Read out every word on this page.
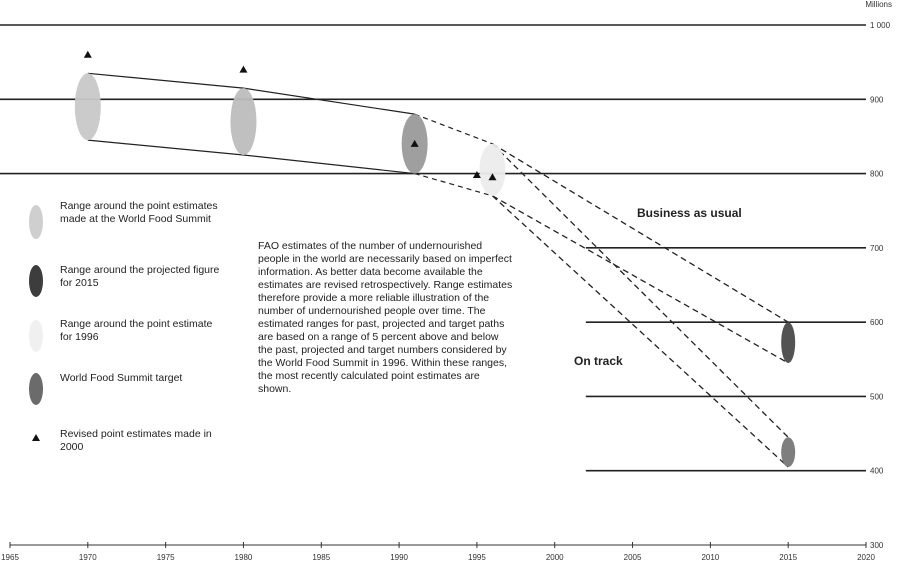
1965	1970	1975	1980	1985	1990	1995	2000	2005	2010	2015	2020
300
400
500
600
700
800
900
1 000
Millions
Business as usual
On track
Range around the point estimates made at the World Food Summit
Range around the projected figure for 2015
Range around the point estimate for 1996
World Food Summit target
Revised point estimates made in 2000
FAO estimates of the number of undernourished people in the world are necessarily based on imperfect information. As better data become available the estimates are revised retrospectively. Range estimates therefore provide a more reliable illustration of the number of undernourished people over time. The estimated ranges for past, projected and target paths are based on a range of 5 percent above and below the past, projected and target numbers considered by the World Food Summit in 1996. Within these ranges, the most recently calculated point estimates are shown.
